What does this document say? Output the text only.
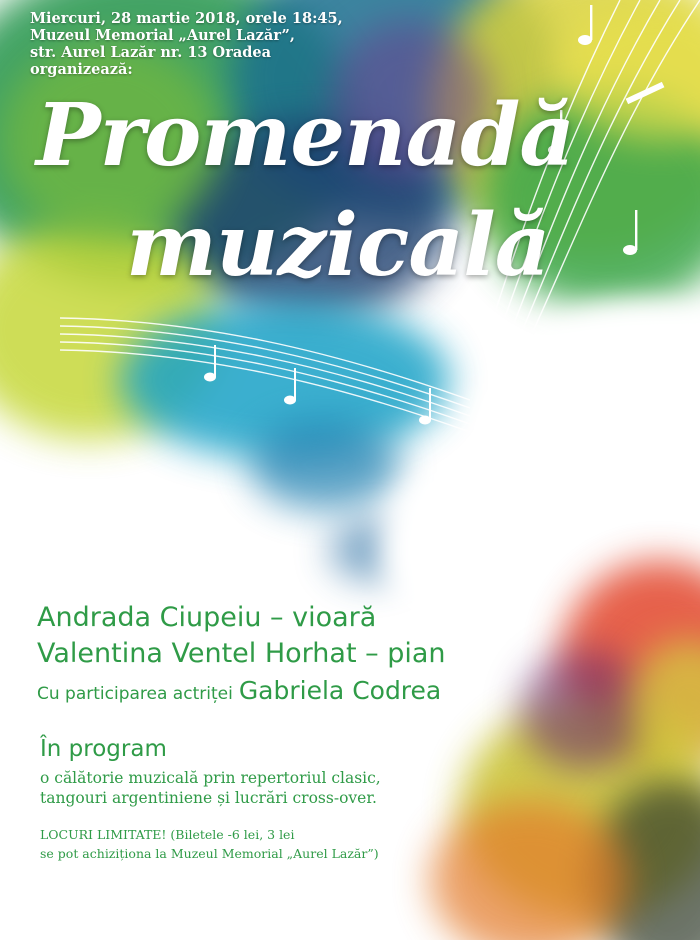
Miercuri, 28 martie 2018, orele 18:45,
Muzeul Memorial „Aurel Lazăr”,
str. Aurel Lazăr nr. 13 Oradea
organizează:

Promenadă
muzicală

Andrada Ciupeiu – vioară
Valentina Ventel Horhat – pian

Cu participarea actriței Gabriela Codrea

În program

o călătorie muzicală prin repertoriul clasic,
tangouri argentiniene și lucrări cross-over.

LOCURI LIMITATE! (Biletele -6 lei, 3 lei
se pot achiziționa la Muzeul Memorial „Aurel Lazăr”)
